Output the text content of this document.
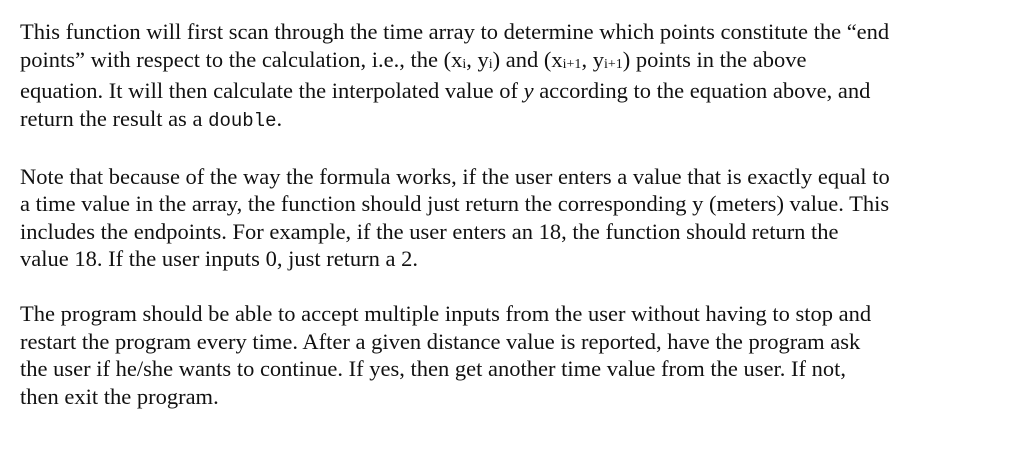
This function will first scan through the time array to determine which points constitute the “end
points” with respect to the calculation, i.e., the (xi, yi) and (xi+1, yi+1) points in the above
equation. It will then calculate the interpolated value of y according to the equation above, and
return the result as a double.

Note that because of the way the formula works, if the user enters a value that is exactly equal to
a time value in the array, the function should just return the corresponding y (meters) value. This
includes the endpoints. For example, if the user enters an 18, the function should return the
value 18. If the user inputs 0, just return a 2.

The program should be able to accept multiple inputs from the user without having to stop and
restart the program every time. After a given distance value is reported, have the program ask
the user if he/she wants to continue. If yes, then get another time value from the user. If not,
then exit the program.
